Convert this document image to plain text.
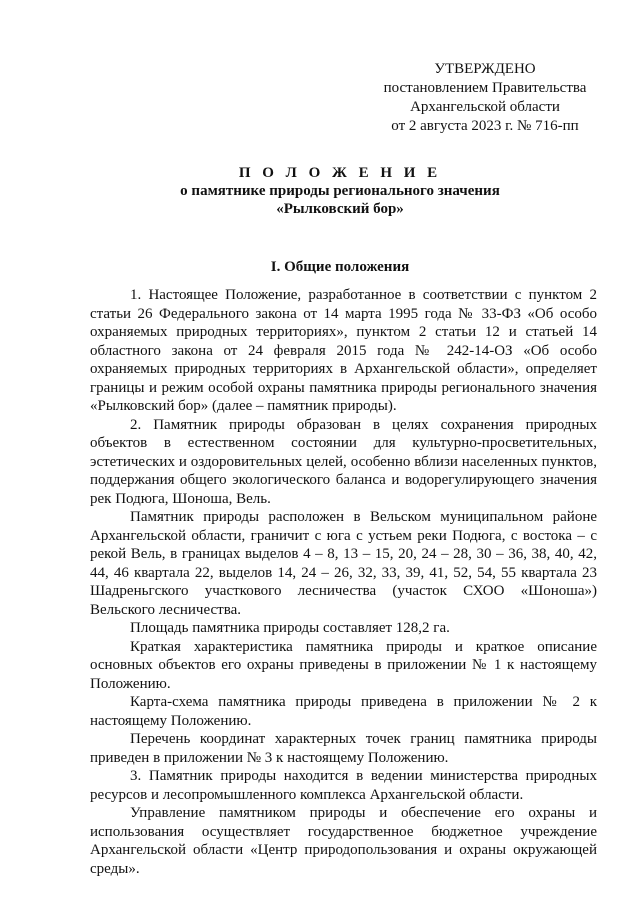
УТВЕРЖДЕНО
постановлением Правительства
Архангельской области
от 2 августа 2023 г. № 716-пп
П О Л О Ж Е Н И Е
о памятнике природы регионального значения
«Рылковский бор»
I. Общие положения

1. Настоящее Положение, разработанное в соответствии с пунктом 2 статьи 26 Федерального закона от 14 марта 1995 года № 33-ФЗ «Об особо охраняемых природных территориях», пунктом 2 статьи 12 и статьей 14 областного закона от 24 февраля 2015 года № 242-14-ОЗ «Об особо охраняемых природных территориях в Архангельской области», определяет границы и режим особой охраны памятника природы регионального значения «Рылковский бор» (далее – памятник природы).

2. Памятник природы образован в целях сохранения природных объектов в естественном состоянии для культурно-просветительных, эстетических и оздоровительных целей, особенно вблизи населенных пунктов, поддержания общего экологического баланса и водорегулирующего значения рек Подюга, Шоноша, Вель.

Памятник природы расположен в Вельском муниципальном районе Архангельской области, граничит с юга с устьем реки Подюга, с востока – с рекой Вель, в границах выделов 4 – 8, 13 – 15, 20, 24 – 28, 30 – 36, 38, 40, 42, 44, 46 квартала 22, выделов 14, 24 – 26, 32, 33, 39, 41, 52, 54, 55 квартала 23 Шадреньгского участкового лесничества (участок СХОО «Шоноша») Вельского лесничества.

Площадь памятника природы составляет 128,2 га.

Краткая характеристика памятника природы и краткое описание основных объектов его охраны приведены в приложении № 1 к настоящему Положению.

Карта-схема памятника природы приведена в приложении № 2 к настоящему Положению.

Перечень координат характерных точек границ памятника природы приведен в приложении № 3 к настоящему Положению.

3. Памятник природы находится в ведении министерства природных ресурсов и лесопромышленного комплекса Архангельской области.

Управление памятником природы и обеспечение его охраны и использования осуществляет государственное бюджетное учреждение Архангельской области «Центр природопользования и охраны окружающей среды».
